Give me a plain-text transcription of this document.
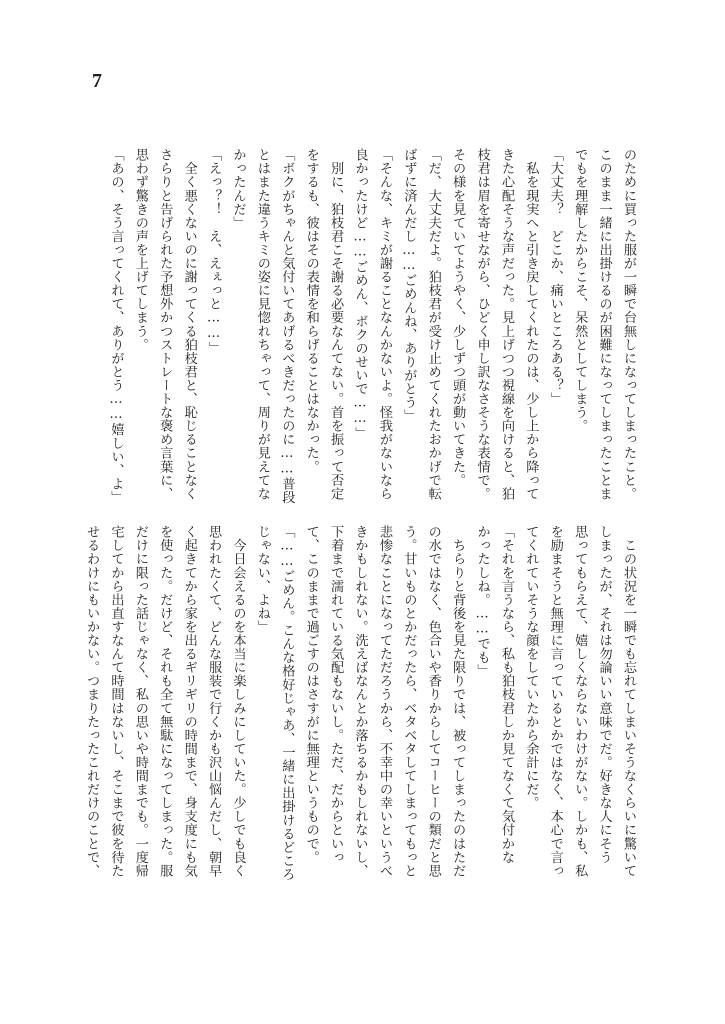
7
のために買った服が一瞬で台無しになってしまったこと。
このまま一緒に出掛けるのが困難になってしまったことま
でもを理解したからこそ、呆然としてしまう。
「大丈夫？　どこか、痛いところある？」
　私を現実へと引き戻してくれたのは、少し上から降って
きた心配そうな声だった。見上げつつ視線を向けると、狛
枝君は眉を寄せながら、ひどく申し訳なさそうな表情で。
その様を見ていてようやく、少しずつ頭が動いてきた。
「だ、大丈夫だよ。狛枝君が受け止めてくれたおかげで転
ばずに済んだし……ごめんね、ありがとう」
「そんな、キミが謝ることなんかないよ。怪我がないなら
良かったけど……ごめん、ボクのせいで……」
　別に、狛枝君こそ謝る必要なんてない。首を振って否定
をするも、彼はその表情を和らげることはなかった。
「ボクがちゃんと気付いてあげるべきだったのに……普段
とはまた違うキミの姿に見惚れちゃって、周りが見えてな
かったんだ」
「えっ？！　え、えぇっと……」
　全く悪くないのに謝ってくる狛枝君と、恥じることなく
さらりと告げられた予想外かつストレートな褒め言葉に、
思わず驚きの声を上げてしまう。
「あの、そう言ってくれて、ありがとう……嬉しい、よ」
　この状況を一瞬でも忘れてしまいそうなくらいに驚いて
しまったが、それは勿論いい意味でだ。好きな人にそう
思ってもらえて、嬉しくならないわけがない。しかも、私
を励まそうと無理に言っているとかではなく、本心で言っ
てくれていそうな顔をしていたから余計にだ。
「それを言うなら、私も狛枝君しか見てなくて気付かな
かったしね。……でも」
　ちらりと背後を見た限りでは、被ってしまったのはただ
の水ではなく、色合いや香りからしてコーヒーの類だと思
う。甘いものとかだったら、ベタベタしてしまってもっと
悲惨なことになってただろうから、不幸中の幸いというべ
きかもしれない。洗えばなんとか落ちるかもしれないし、
下着まで濡れている気配もないし。ただ、だからといっ
て、このままで過ごすのはさすがに無理というもので。
「……ごめん。こんな格好じゃあ、一緒に出掛けるどころ
じゃない、よね」
　今日会えるのを本当に楽しみにしていた。少しでも良く
思われたくて、どんな服装で行くかも沢山悩んだし、朝早
く起きてから家を出るギリギリの時間まで、身支度にも気
を使った。だけど、それも全て無駄になってしまった。服
だけに限った話じゃなく、私の思いや時間までも。一度帰
宅してから出直すなんて時間はないし、そこまで彼を待た
せるわけにもいかない。つまりたったこれだけのことで、
